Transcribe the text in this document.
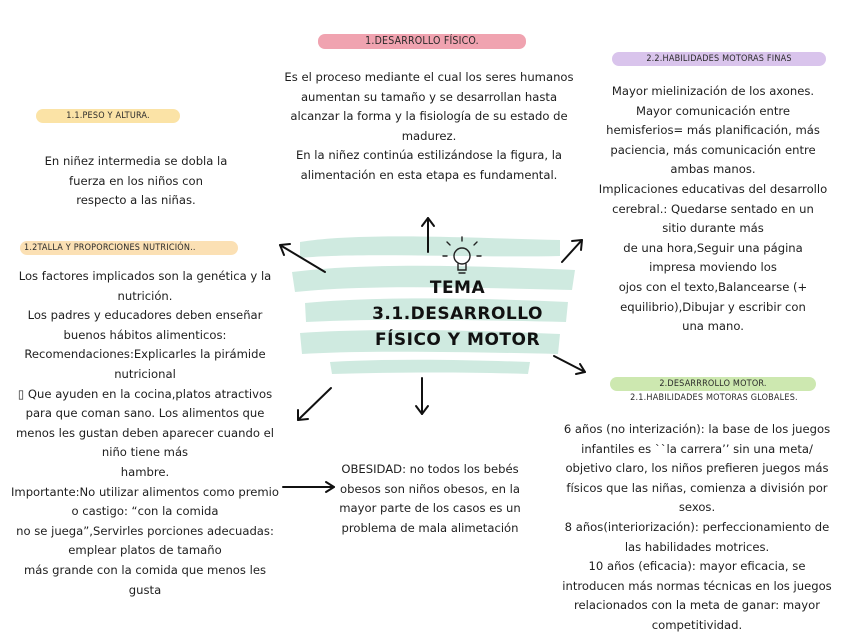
TEMA
3.1.DESARROLLO
FÍSICO Y MOTOR
1.DESARROLLO FÍSICO.

Es el proceso mediante el cual los seres humanos

aumentan su tamaño y se desarrollan hasta

alcanzar la forma y la fisiología de su estado de

madurez.

En la niñez continúa estilizándose la figura, la

alimentación en esta etapa es fundamental.

1.1.PESO Y ALTURA.

En niñez intermedia se dobla la

fuerza en los niños con

respecto a las niñas.

1.2TALLA Y PROPORCIONES NUTRICIÓN..

Los factores implicados son la genética y la

nutrición.

Los padres y educadores deben enseñar

buenos hábitos alimenticos:

Recomendaciones:Explicarles la pirámide

nutricional

▯ Que ayuden en la cocina,platos atractivos

para que coman sano. Los alimentos que

menos les gustan deben aparecer cuando el

niño tiene más

hambre.

Importante:No utilizar alimentos como premio

o castigo: “con la comida

no se juega”,Servirles porciones adecuadas:

emplear platos de tamaño

más grande con la comida que menos les

gusta

2.2.HABILIDADES MOTORAS FINAS

Mayor mielinización de los axones.

Mayor comunicación entre

hemisferios= más planificación, más

paciencia, más comunicación entre

ambas manos.

Implicaciones educativas del desarrollo

cerebral.: Quedarse sentado en un

sitio durante más

de una hora,Seguir una página

impresa moviendo los

ojos con el texto,Balancearse (+

equilibrio),Dibujar y escribir con

una mano.

2.DESARRROLLO MOTOR.
2.1.HABILIDADES MOTORAS GLOBALES.

6 años (no interización): la base de los juegos

infantiles es ``la carrera’’ sin una meta/

objetivo claro, los niños prefieren juegos más

físicos que las niñas, comienza a división por

sexos.

8 años(interiorización): perfeccionamiento de

las habilidades motrices.

10 años (eficacia): mayor eficacia, se

introducen más normas técnicas en los juegos

relacionados con la meta de ganar: mayor

competitividad.

OBESIDAD: no todos los bebés

obesos son niños obesos, en la

mayor parte de los casos es un

problema de mala alimetación
